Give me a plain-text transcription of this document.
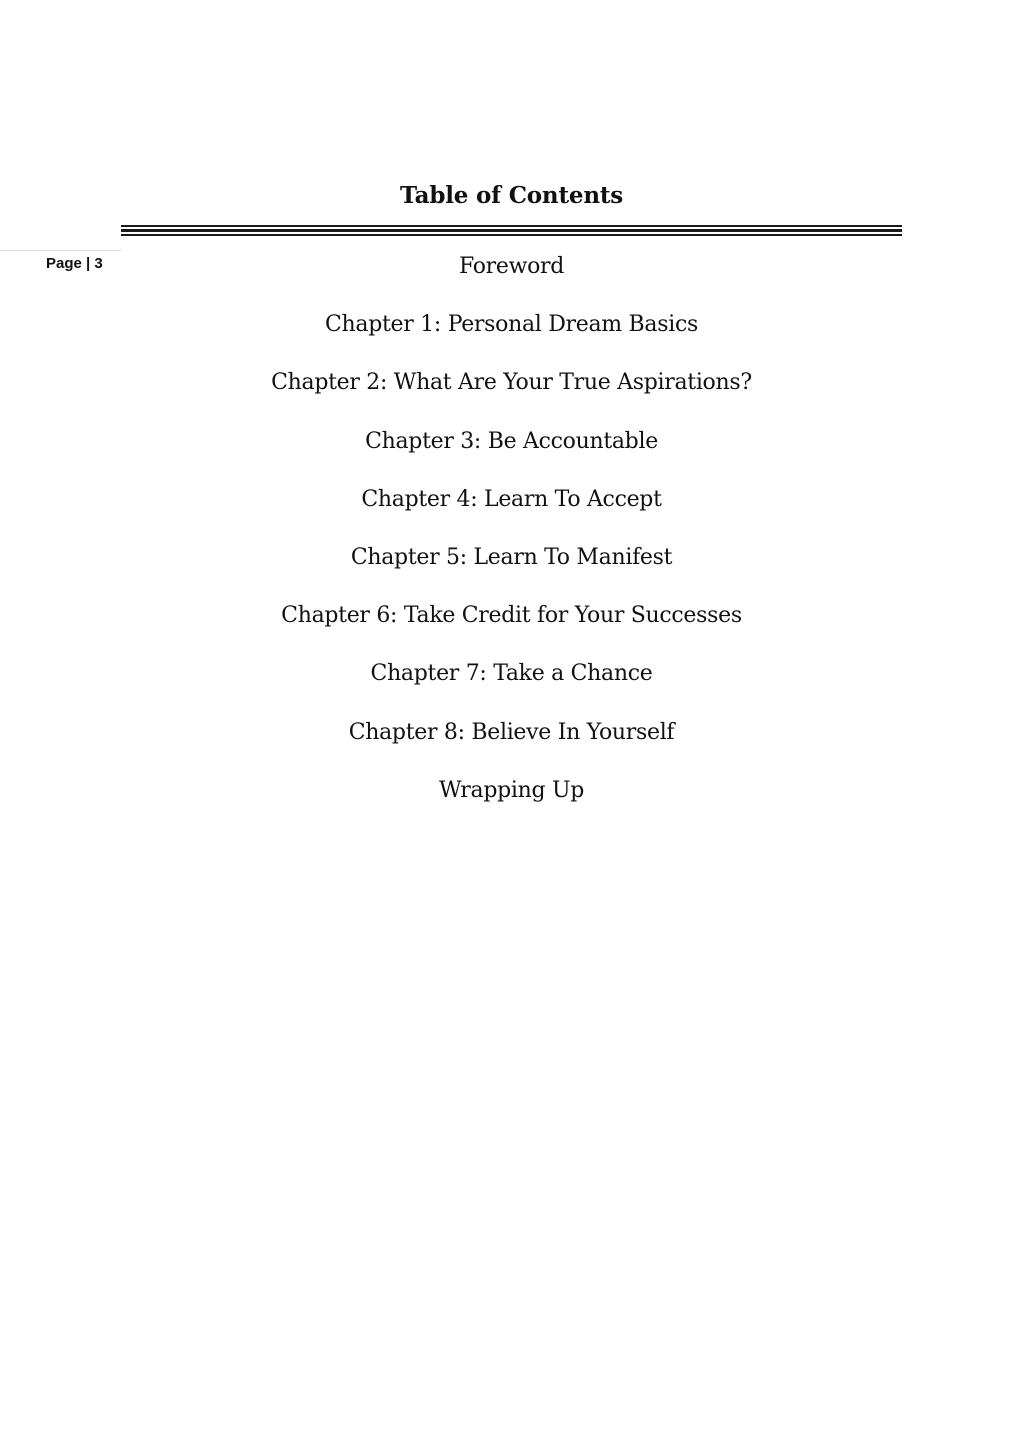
Table of Contents
Page | 3	Foreword
Chapter 1: Personal Dream Basics
Chapter 2: What Are Your True Aspirations?
Chapter 3: Be Accountable
Chapter 4: Learn To Accept
Chapter 5: Learn To Manifest
Chapter 6: Take Credit for Your Successes
Chapter 7: Take a Chance
Chapter 8: Believe In Yourself
Wrapping Up
